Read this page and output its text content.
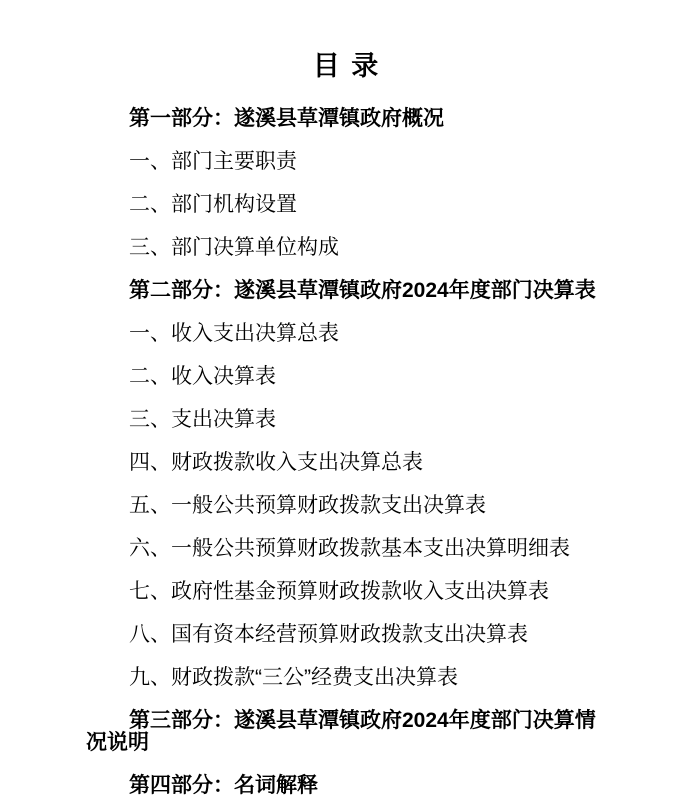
目 录

第一部分：遂溪县草潭镇政府概况

一、部门主要职责

二、部门机构设置

三、部门决算单位构成

第二部分：遂溪县草潭镇政府2024年度部门决算表

一、收入支出决算总表

二、收入决算表

三、支出决算表

四、财政拨款收入支出决算总表

五、一般公共预算财政拨款支出决算表

六、一般公共预算财政拨款基本支出决算明细表

七、政府性基金预算财政拨款收入支出决算表

八、国有资本经营预算财政拨款支出决算表

九、财政拨款“三公”经费支出决算表

第三部分：遂溪县草潭镇政府2024年度部门决算情况说明

第四部分：名词解释
